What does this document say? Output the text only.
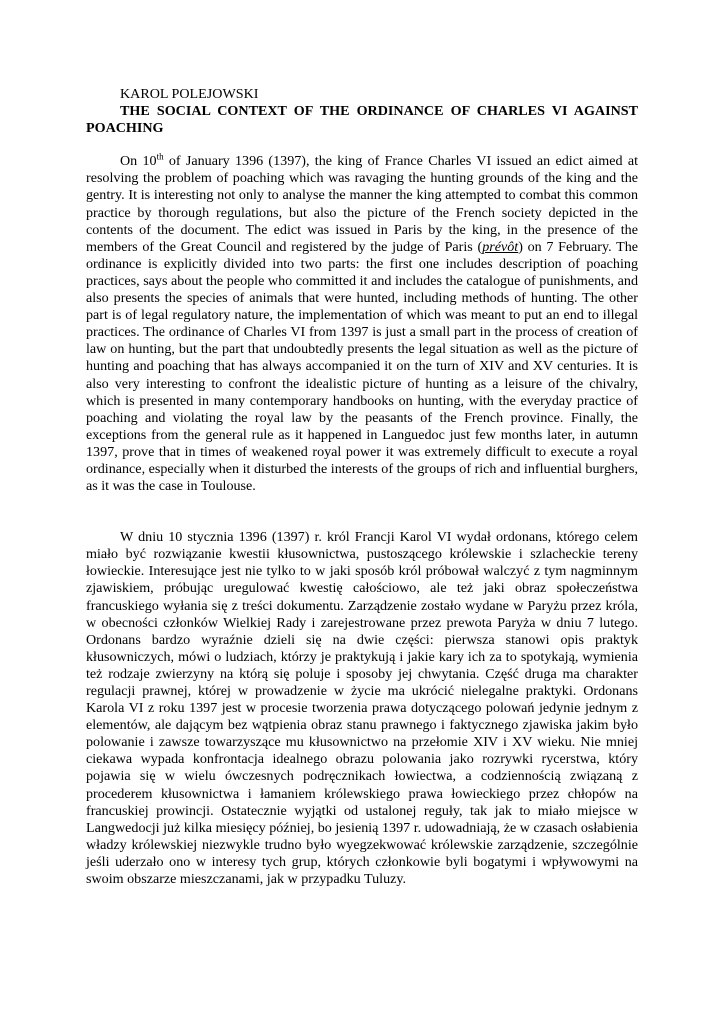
KAROL POLEJOWSKI

THE SOCIAL CONTEXT OF THE ORDINANCE OF CHARLES VI AGAINST POACHING

On 10th of January 1396 (1397), the king of France Charles VI issued an edict aimed at resolving the problem of poaching which was ravaging the hunting grounds of the king and the gentry. It is interesting not only to analyse the manner the king attempted to combat this common practice by thorough regulations, but also the picture of the French society depicted in the contents of the document. The edict was issued in Paris by the king, in the presence of the members of the Great Council and registered by the judge of Paris (prévôt) on 7 February. The ordinance is explicitly divided into two parts: the first one includes description of poaching practices, says about the people who committed it and includes the catalogue of punishments, and also presents the species of animals that were hunted, including methods of hunting. The other part is of legal regulatory nature, the implementation of which was meant to put an end to illegal practices. The ordinance of Charles VI from 1397 is just a small part in the process of creation of law on hunting, but the part that undoubtedly presents the legal situation as well as the picture of hunting and poaching that has always accompanied it on the turn of XIV and XV centuries. It is also very interesting to confront the idealistic picture of hunting as a leisure of the chivalry, which is presented in many contemporary handbooks on hunting, with the everyday practice of poaching and violating the royal law by the peasants of the French province. Finally, the exceptions from the general rule as it happened in Languedoc just few months later, in autumn 1397, prove that in times of weakened royal power it was extremely difficult to execute a royal ordinance, especially when it disturbed the interests of the groups of rich and influential burghers, as it was the case in Toulouse.

W dniu 10 stycznia 1396 (1397) r. król Francji Karol VI wydał ordonans, którego celem miało być rozwiązanie kwestii kłusownictwa, pustoszącego królewskie i szlacheckie tereny łowieckie. Interesujące jest nie tylko to w jaki sposób król próbował walczyć z tym nagminnym zjawiskiem, próbując uregulować kwestię całościowo, ale też jaki obraz społeczeństwa francuskiego wyłania się z treści dokumentu. Zarządzenie zostało wydane w Paryżu przez króla, w obecności członków Wielkiej Rady i zarejestrowane przez prewota Paryża w dniu 7 lutego. Ordonans bardzo wyraźnie dzieli się na dwie części: pierwsza stanowi opis praktyk kłusowniczych, mówi o ludziach, którzy je praktykują i jakie kary ich za to spotykają, wymienia też rodzaje zwierzyny na którą się poluje i sposoby jej chwytania. Część druga ma charakter regulacji prawnej, której w prowadzenie w życie ma ukrócić nielegalne praktyki. Ordonans Karola VI z roku 1397 jest w procesie tworzenia prawa dotyczącego polowań jedynie jednym z elementów, ale dającym bez wątpienia obraz stanu prawnego i faktycznego zjawiska jakim było polowanie i zawsze towarzyszące mu kłusownictwo na przełomie XIV i XV wieku. Nie mniej ciekawa wypada konfrontacja idealnego obrazu polowania jako rozrywki rycerstwa, który pojawia się w wielu ówczesnych podręcznikach łowiectwa, a codziennością związaną z procederem kłusownictwa i łamaniem królewskiego prawa łowieckiego przez chłopów na francuskiej prowincji. Ostatecznie wyjątki od ustalonej reguły, tak jak to miało miejsce w Langwedocji już kilka miesięcy później, bo jesienią 1397 r. udowadniają, że w czasach osłabienia władzy królewskiej niezwykle trudno było wyegzekwować królewskie zarządzenie, szczególnie jeśli uderzało ono w interesy tych grup, których członkowie byli bogatymi i wpływowymi na swoim obszarze mieszczanami, jak w przypadku Tuluzy.
